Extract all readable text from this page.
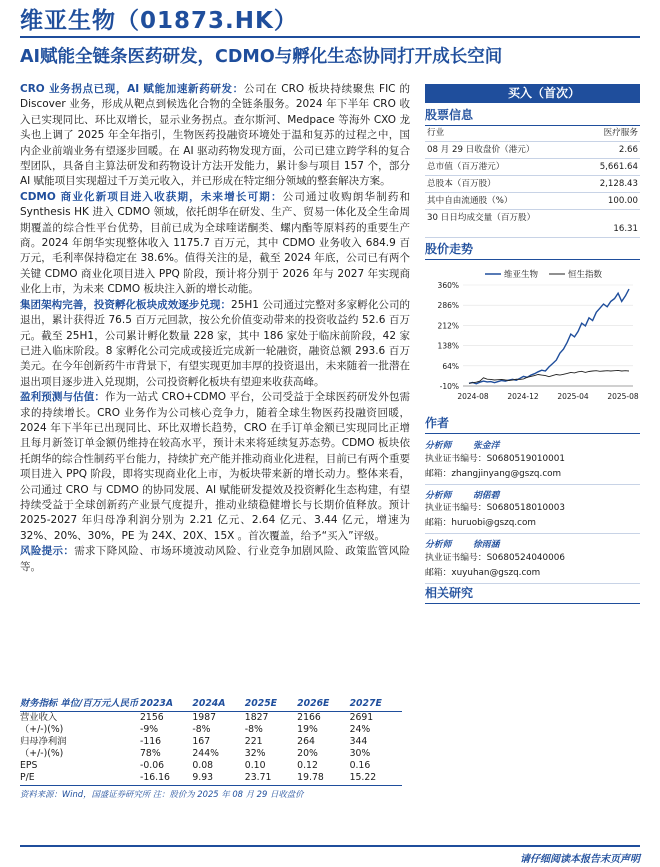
维亚生物（01873.HK）
AI赋能全链条医药研发，CDMO与孵化生态协同打开成长空间

CRO 业务拐点已现，AI 赋能加速新药研发：公司在 CRO 板块持续聚焦 FIC 的 Discover 业务，形成从靶点到候选化合物的全链条服务。2024 年下半年 CRO 收入已实现同比、环比双增长，显示业务拐点。查尔斯河、Medpace 等海外 CXO 龙头也上调了 2025 年全年指引，生物医药投融资环境处于温和复苏的过程之中，国内企业前端业务有望逐步回暖。在 AI 驱动药物发现方面，公司已建立跨学科的复合型团队，具备自主算法研发和药物设计方法开发能力，累计参与项目 157 个，部分 AI 赋能项目实现超过千万美元收入，并已形成在特定细分领域的整套解决方案。

CDMO 商业化新项目进入收获期，未来增长可期：公司通过收购朗华制药和 Synthesis HK 进入 CDMO 领域，依托朗华在研发、生产、贸易一体化及全生命周期覆盖的综合性平台优势，目前已成为全球喹诺酮类、螺内酯等原料药的重要生产商。2024 年朗华实现整体收入 1175.7 百万元，其中 CDMO 业务收入 684.9 百万元，毛利率保持稳定在 38.6%。值得关注的是，截至 2024 年底，公司已有两个关键 CDMO 商业化项目进入 PPQ 阶段，预计将分别于 2026 年与 2027 年实现商业化上市，为未来 CDMO 板块注入新的增长动能。

集团架构完善，投资孵化板块成效逐步兑现：25H1 公司通过完整对多家孵化公司的退出，累计获得近 76.5 百万元回款，按公允价值变动带来的投资收益约 52.6 百万元。截至 25H1，公司累计孵化数量 228 家，其中 186 家处于临床前阶段，42 家已进入临床阶段。8 家孵化公司完成或接近完成新一轮融资，融资总额 293.6 百万美元。在今年创新药牛市背景下，有望实现更加丰厚的投资退出，未来随着一批潜在退出项目逐步进入兑现期，公司投资孵化板块有望迎来收获高峰。

盈利预测与估值：作为一站式 CRO+CDMO 平台，公司受益于全球医药研发外包需求的持续增长。CRO 业务作为公司核心竞争力，随着全球生物医药投融资回暖，2024 年下半年已出现同比、环比双增长趋势，CRO 在手订单金额已实现同比正增且每月新签订单金额仍维持在较高水平，预计未来将延续复苏态势。CDMO 板块依托朗华的综合性制药平台能力，持续扩充产能并推动商业化进程，目前已有两个重要项目进入 PPQ 阶段，即将实现商业化上市，为板块带来新的增长动力。整体来看，公司通过 CRO 与 CDMO 的协同发展、AI 赋能研发提效及投资孵化生态构建，有望持续受益于全球创新药产业景气度提升，推动业绩稳健增长与长期价值释放。预计 2025-2027 年归母净利润分别为 2.21 亿元、2.64 亿元、3.44 亿元，增速为 32%、20%、30%，PE 为 24X、20X、15X 。首次覆盖，给予“买入”评级。

风险提示：需求下降风险、市场环境波动风险、行业竞争加剧风险、政策监管风险等。

买入（首次）
股票信息
行业	医疗服务
08 月 29 日收盘价（港元）	2.66
总市值（百万港元）	5,661.64
总股本（百万股）	2,128.43
其中自由流通股（%）	100.00
30 日日均成交量（百万股）
16.31
股价走势
360%
286%
212%
138%
64%
-10%
2024-08 2024-12 2025-04 2025-08
维亚生物	恒生指数
作者
分析师	张金洋
执业证书编号：S0680519010001
邮箱：zhangjinyang@gszq.com
分析师	胡偌碧
执业证书编号：S0680518010003
邮箱：huruobi@gszq.com
分析师	徐雨涵
执业证书编号：S0680524040006
邮箱：xuyuhan@gszq.com
相关研究
财务指标 单位/百万元人民币 2023A	2024A	2025E	2026E	2027E
营业收入	2156	1987	1827	2166	2691
（+/-)(%)	-9%	-8%	-8%	19%	24%
归母净利润	-116	167	221	264	344
（+/-)(%)	78%	244%	32%	20%	30%
EPS	-0.06	0.08	0.10	0.12	0.16
P/E	-16.16	9.93	23.71	19.78	15.22
资料来源：Wind，国盛证券研究所 注：股价为 2025 年 08 月 29 日收盘价
请仔细阅读本报告末页声明
